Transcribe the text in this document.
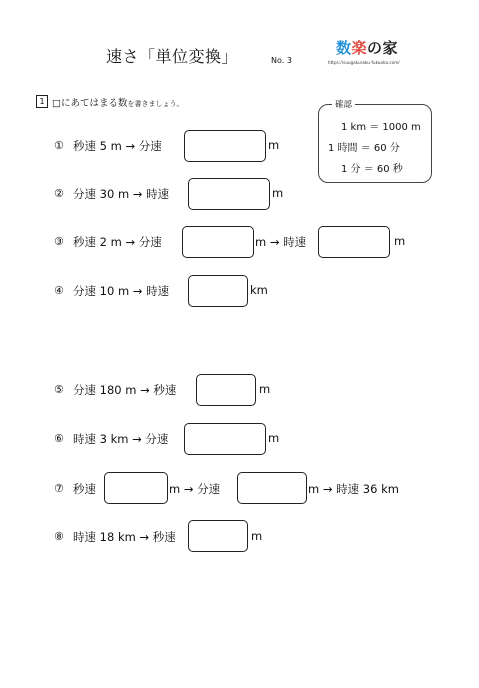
速さ「単位変換」	No. 3
数楽の家
https://suugakuraku-fukuoka.com/
1 □にあてはまる数を書きましょう。	確認
1 km ＝ 1000 m
1 時間 ＝ 60 分
1 分 ＝ 60 秒
① 秒速 5 m → 分速	m
② 分速 30 m → 時速	m
③ 秒速 2 m → 分速	m → 時速	m
④ 分速 10 m → 時速	km
⑤ 分速 180 m → 秒速	m
⑥ 時速 3 km → 分速	m
⑦ 秒速	m → 分速	m → 時速 36 km
⑧ 時速 18 km → 秒速	m
